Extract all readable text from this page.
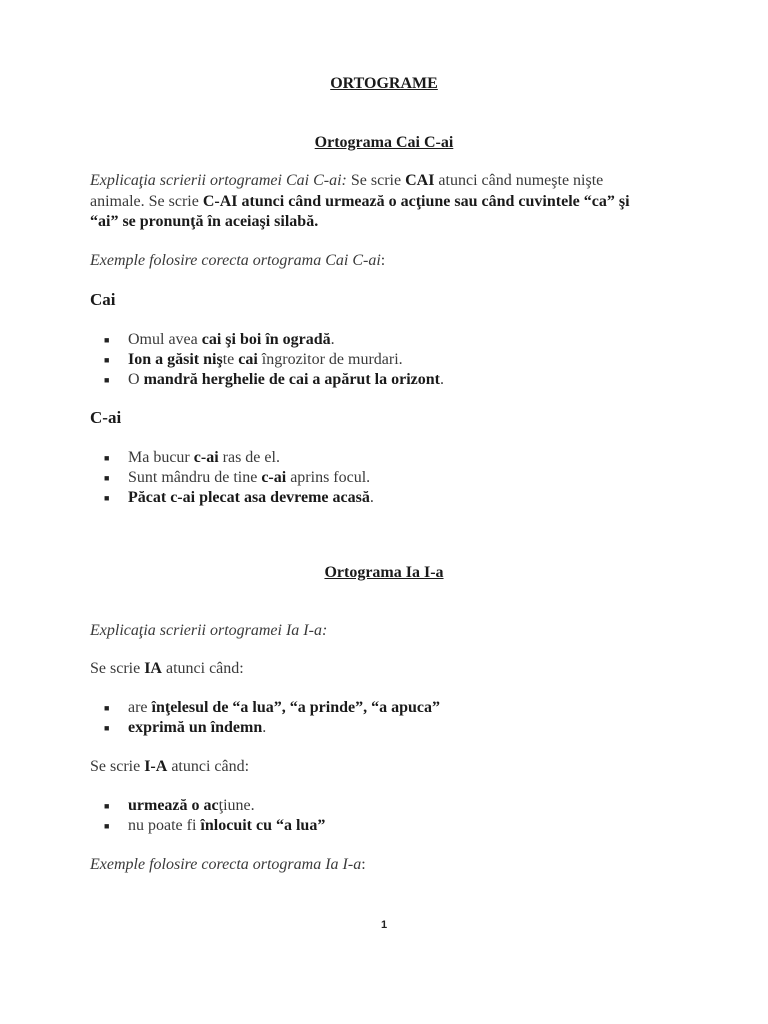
ORTOGRAME

Ortograma Cai C-ai

Explicaţia scrierii ortogramei Cai C-ai: Se scrie CAI atunci când numeşte nişte

animale. Se scrie C-AI atunci când urmează o acţiune sau când cuvintele “ca” şi

“ai” se pronunţă în aceiaşi silabă.

Exemple folosire corecta ortograma Cai C-ai:

Cai

■ Omul avea cai şi boi în ogradă.
■ Ion a găsit nişte cai îngrozitor de murdari.
■ O mandră herghelie de cai a apărut la orizont.

C-ai

■ Ma bucur c-ai ras de el.
■ Sunt mândru de tine c-ai aprins focul.
■ Păcat c-ai plecat asa devreme acasă.

Ortograma Ia I-a

Explicaţia scrierii ortogramei Ia I-a:

Se scrie IA atunci când:

■ are înţelesul de “a lua”, “a prinde”, “a apuca”
■ exprimă un îndemn.

Se scrie I-A atunci când:

■ urmează o acţiune.
■ nu poate fi înlocuit cu “a lua”

Exemple folosire corecta ortograma Ia I-a:

1
